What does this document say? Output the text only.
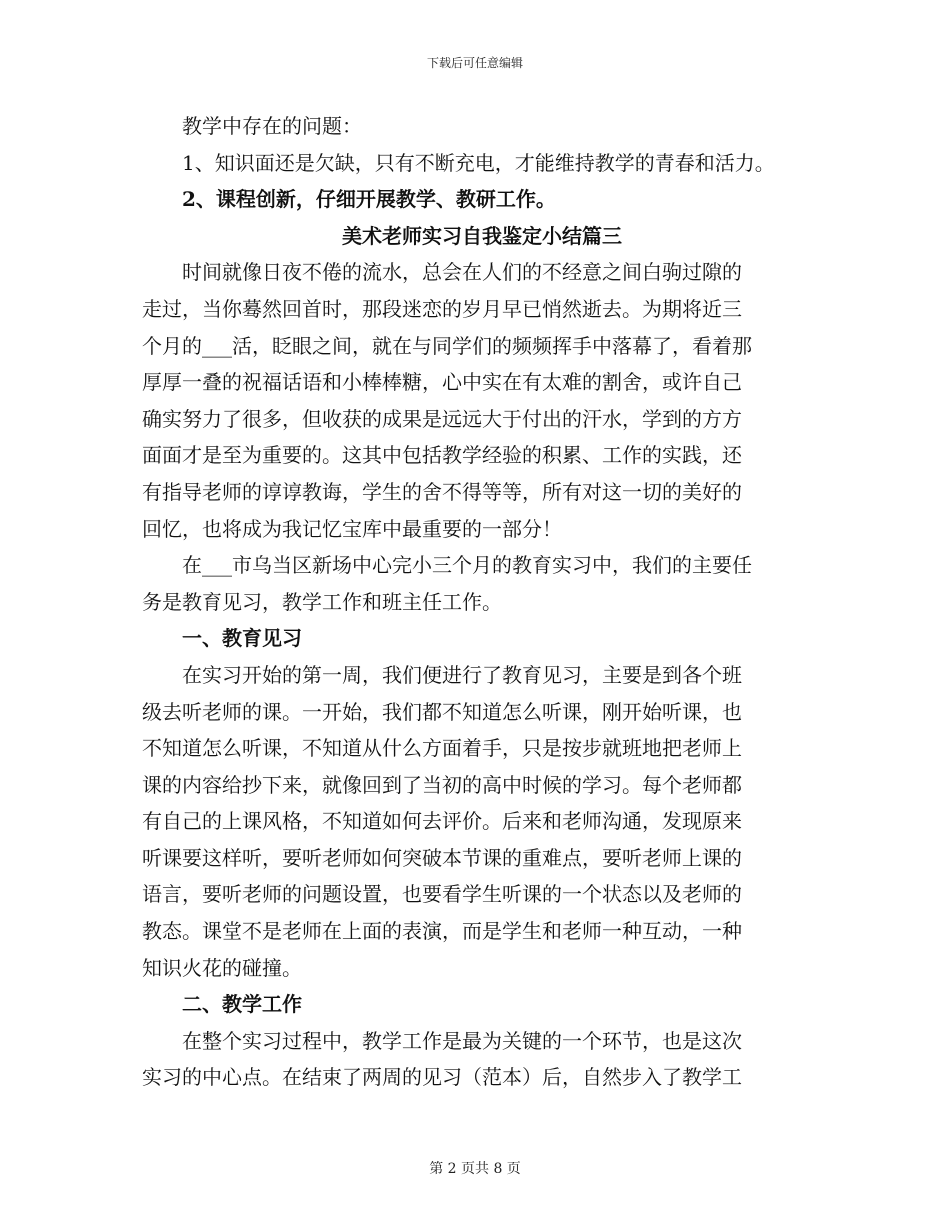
下载后可任意编辑

教学中存在的问题：

1、知识面还是欠缺，只有不断充电，才能维持教学的青春和活力。

2、课程创新，仔细开展教学、教研工作。

美术老师实习自我鉴定小结篇三

时间就像日夜不倦的流水，总会在人们的不经意之间白驹过隙的

走过，当你蓦然回首时，那段迷恋的岁月早已悄然逝去。为期将近三

个月的___活，眨眼之间，就在与同学们的频频挥手中落幕了，看着那

厚厚一叠的祝福话语和小棒棒糖，心中实在有太难的割舍，或许自己

确实努力了很多，但收获的成果是远远大于付出的汗水，学到的方方

面面才是至为重要的。这其中包括教学经验的积累、工作的实践，还

有指导老师的谆谆教诲，学生的舍不得等等，所有对这一切的美好的

回忆，也将成为我记忆宝库中最重要的一部分！

在___市乌当区新场中心完小三个月的教育实习中，我们的主要任

务是教育见习，教学工作和班主任工作。

一、教育见习

在实习开始的第一周，我们便进行了教育见习，主要是到各个班

级去听老师的课。一开始，我们都不知道怎么听课，刚开始听课，也

不知道怎么听课，不知道从什么方面着手，只是按步就班地把老师上

课的内容给抄下来，就像回到了当初的高中时候的学习。每个老师都

有自己的上课风格，不知道如何去评价。后来和老师沟通，发现原来

听课要这样听，要听老师如何突破本节课的重难点，要听老师上课的

语言，要听老师的问题设置，也要看学生听课的一个状态以及老师的

教态。课堂不是老师在上面的表演，而是学生和老师一种互动，一种

知识火花的碰撞。

二、教学工作

在整个实习过程中，教学工作是最为关键的一个环节，也是这次

实习的中心点。在结束了两周的见习（范本）后，自然步入了教学工

第 2 页共 8 页
